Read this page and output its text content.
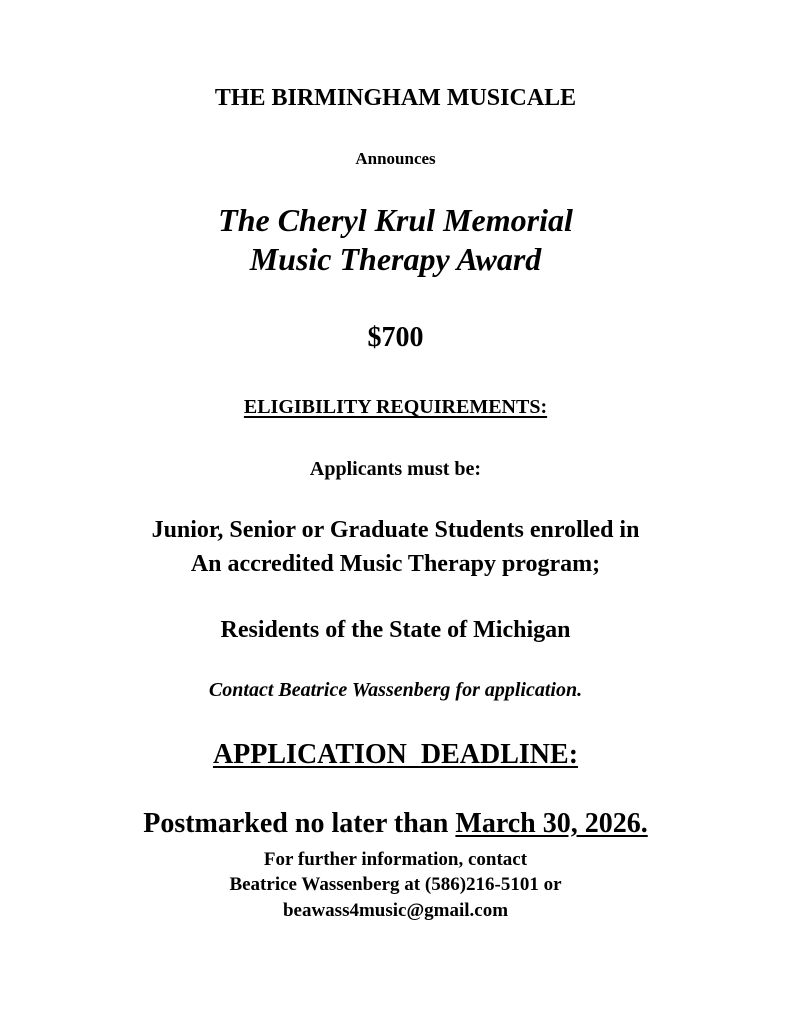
THE BIRMINGHAM MUSICALE
Announces
The Cheryl Krul Memorial
Music Therapy Award
$700
ELIGIBILITY REQUIREMENTS:
Applicants must be:
Junior, Senior or Graduate Students enrolled in
An accredited Music Therapy program;
Residents of the State of Michigan
Contact Beatrice Wassenberg for application.
APPLICATION  DEADLINE:
Postmarked no later than March 30, 2026.
For further information, contact
Beatrice Wassenberg at (586)216-5101 or
beawass4music@gmail.com
